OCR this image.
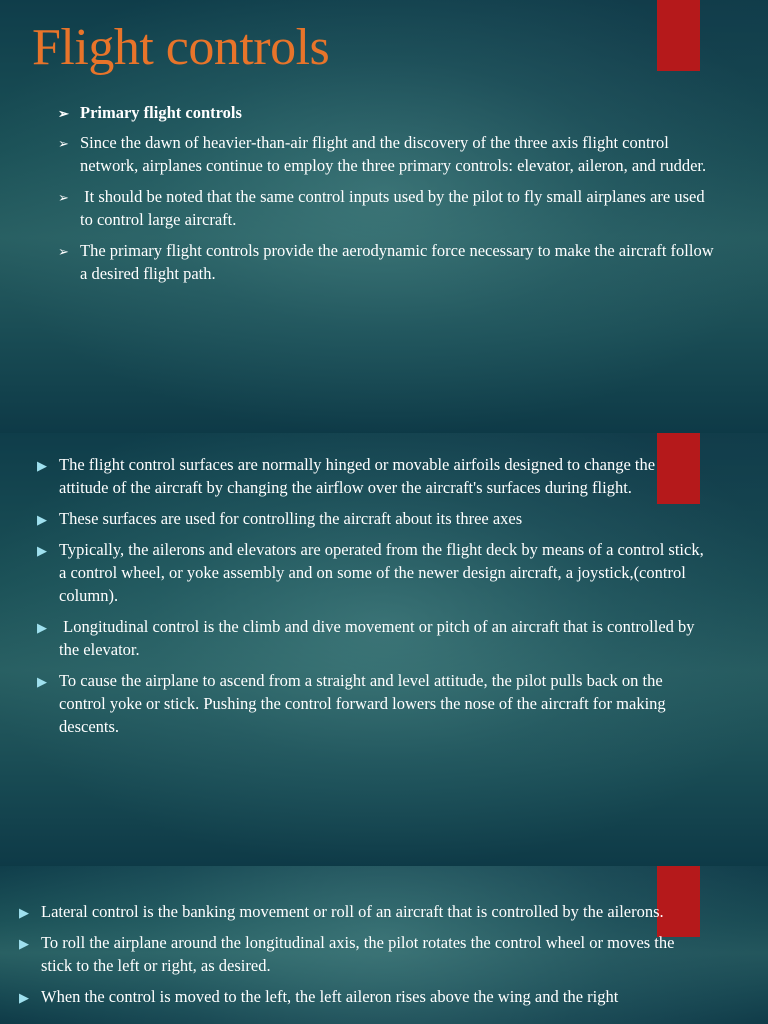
Flight controls
➢ Primary flight controls
➢ Since the dawn of heavier-than-air flight and the discovery of the three axis flight control network, airplanes continue to employ the three primary controls: elevator, aileron, and rudder.
➢ It should be noted that the same control inputs used by the pilot to fly small airplanes are used to control large aircraft.
➢ The primary flight controls provide the aerodynamic force necessary to make the aircraft follow a desired flight path.
▶ The flight control surfaces are normally hinged or movable airfoils designed to change the attitude of the aircraft by changing the airflow over the aircraft's surfaces during flight.
▶ These surfaces are used for controlling the aircraft about its three axes
▶ Typically, the ailerons and elevators are operated from the flight deck by means of a control stick, a control wheel, or yoke assembly and on some of the newer design aircraft, a joystick,(control column).
▶ Longitudinal control is the climb and dive movement or pitch of an aircraft that is controlled by the elevator.
▶ To cause the airplane to ascend from a straight and level attitude, the pilot pulls back on the control yoke or stick. Pushing the control forward lowers the nose of the aircraft for making descents.
▶ Lateral control is the banking movement or roll of an aircraft that is controlled by the ailerons.
▶ To roll the airplane around the longitudinal axis, the pilot rotates the control wheel or moves the stick to the left or right, as desired.
▶ When the control is moved to the left, the left aileron rises above the wing and the right
